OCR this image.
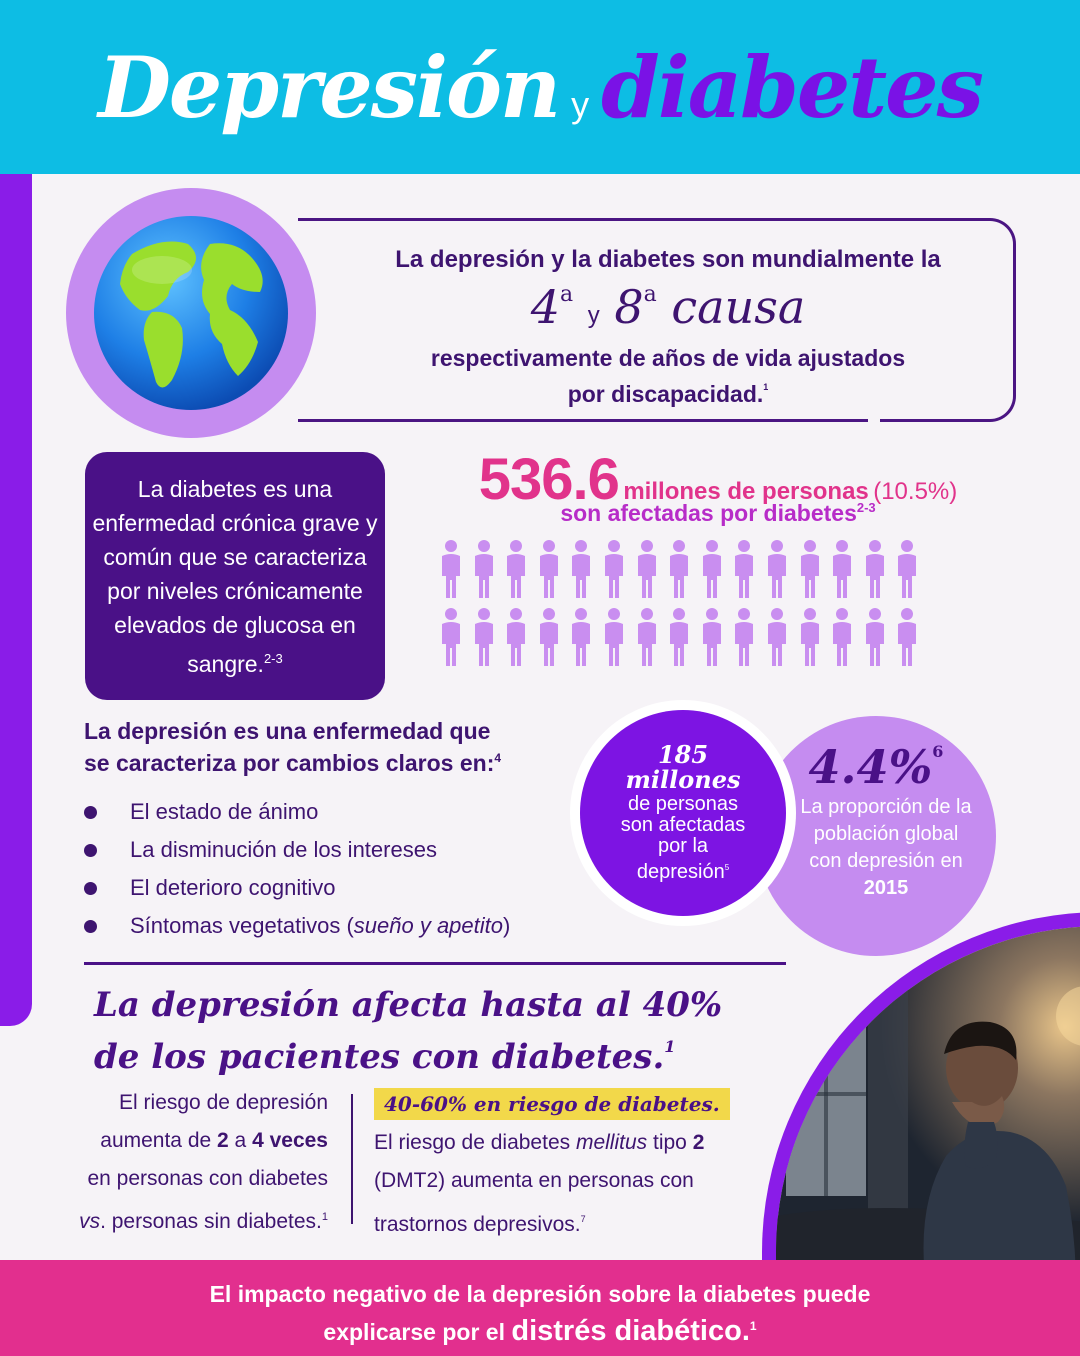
Depresión y diabetes
La depresión y la diabetes son mundialmente la
4$^a$ y 8$^a$ causa
respectivamente de años de vida ajustados
por discapacidad.$^1$
La diabetes es una enfermedad crónica grave y común que se caracteriza por niveles crónicamente elevados de glucosa en sangre.$^{2-3}$
536.6 millones de personas (10.5%)
son afectadas por diabetes$^{2-3}$
La depresión es una enfermedad que
se caracteriza por cambios claros en:$^4$
El estado de ánimo
La disminución de los intereses
El deterioro cognitivo
Síntomas vegetativos (sueño y apetito)
4.4%$^6$
La proporción de la población global con depresión en
2015
185
millones
de personas
son afectadas
por la
depresión$^5$
La depresión afecta hasta al 40%
de los pacientes con diabetes.$^1$
El riesgo de depresión
aumenta de 2 a 4 veces
en personas con diabetes
vs. personas sin diabetes.$^1$
40-60% en riesgo de diabetes.
El riesgo de diabetes mellitus tipo 2
(DMT2) aumenta en personas con
trastornos depresivos.$^7$
El impacto negativo de la depresión sobre la diabetes puede
explicarse por el distrés diabético.$^1$
